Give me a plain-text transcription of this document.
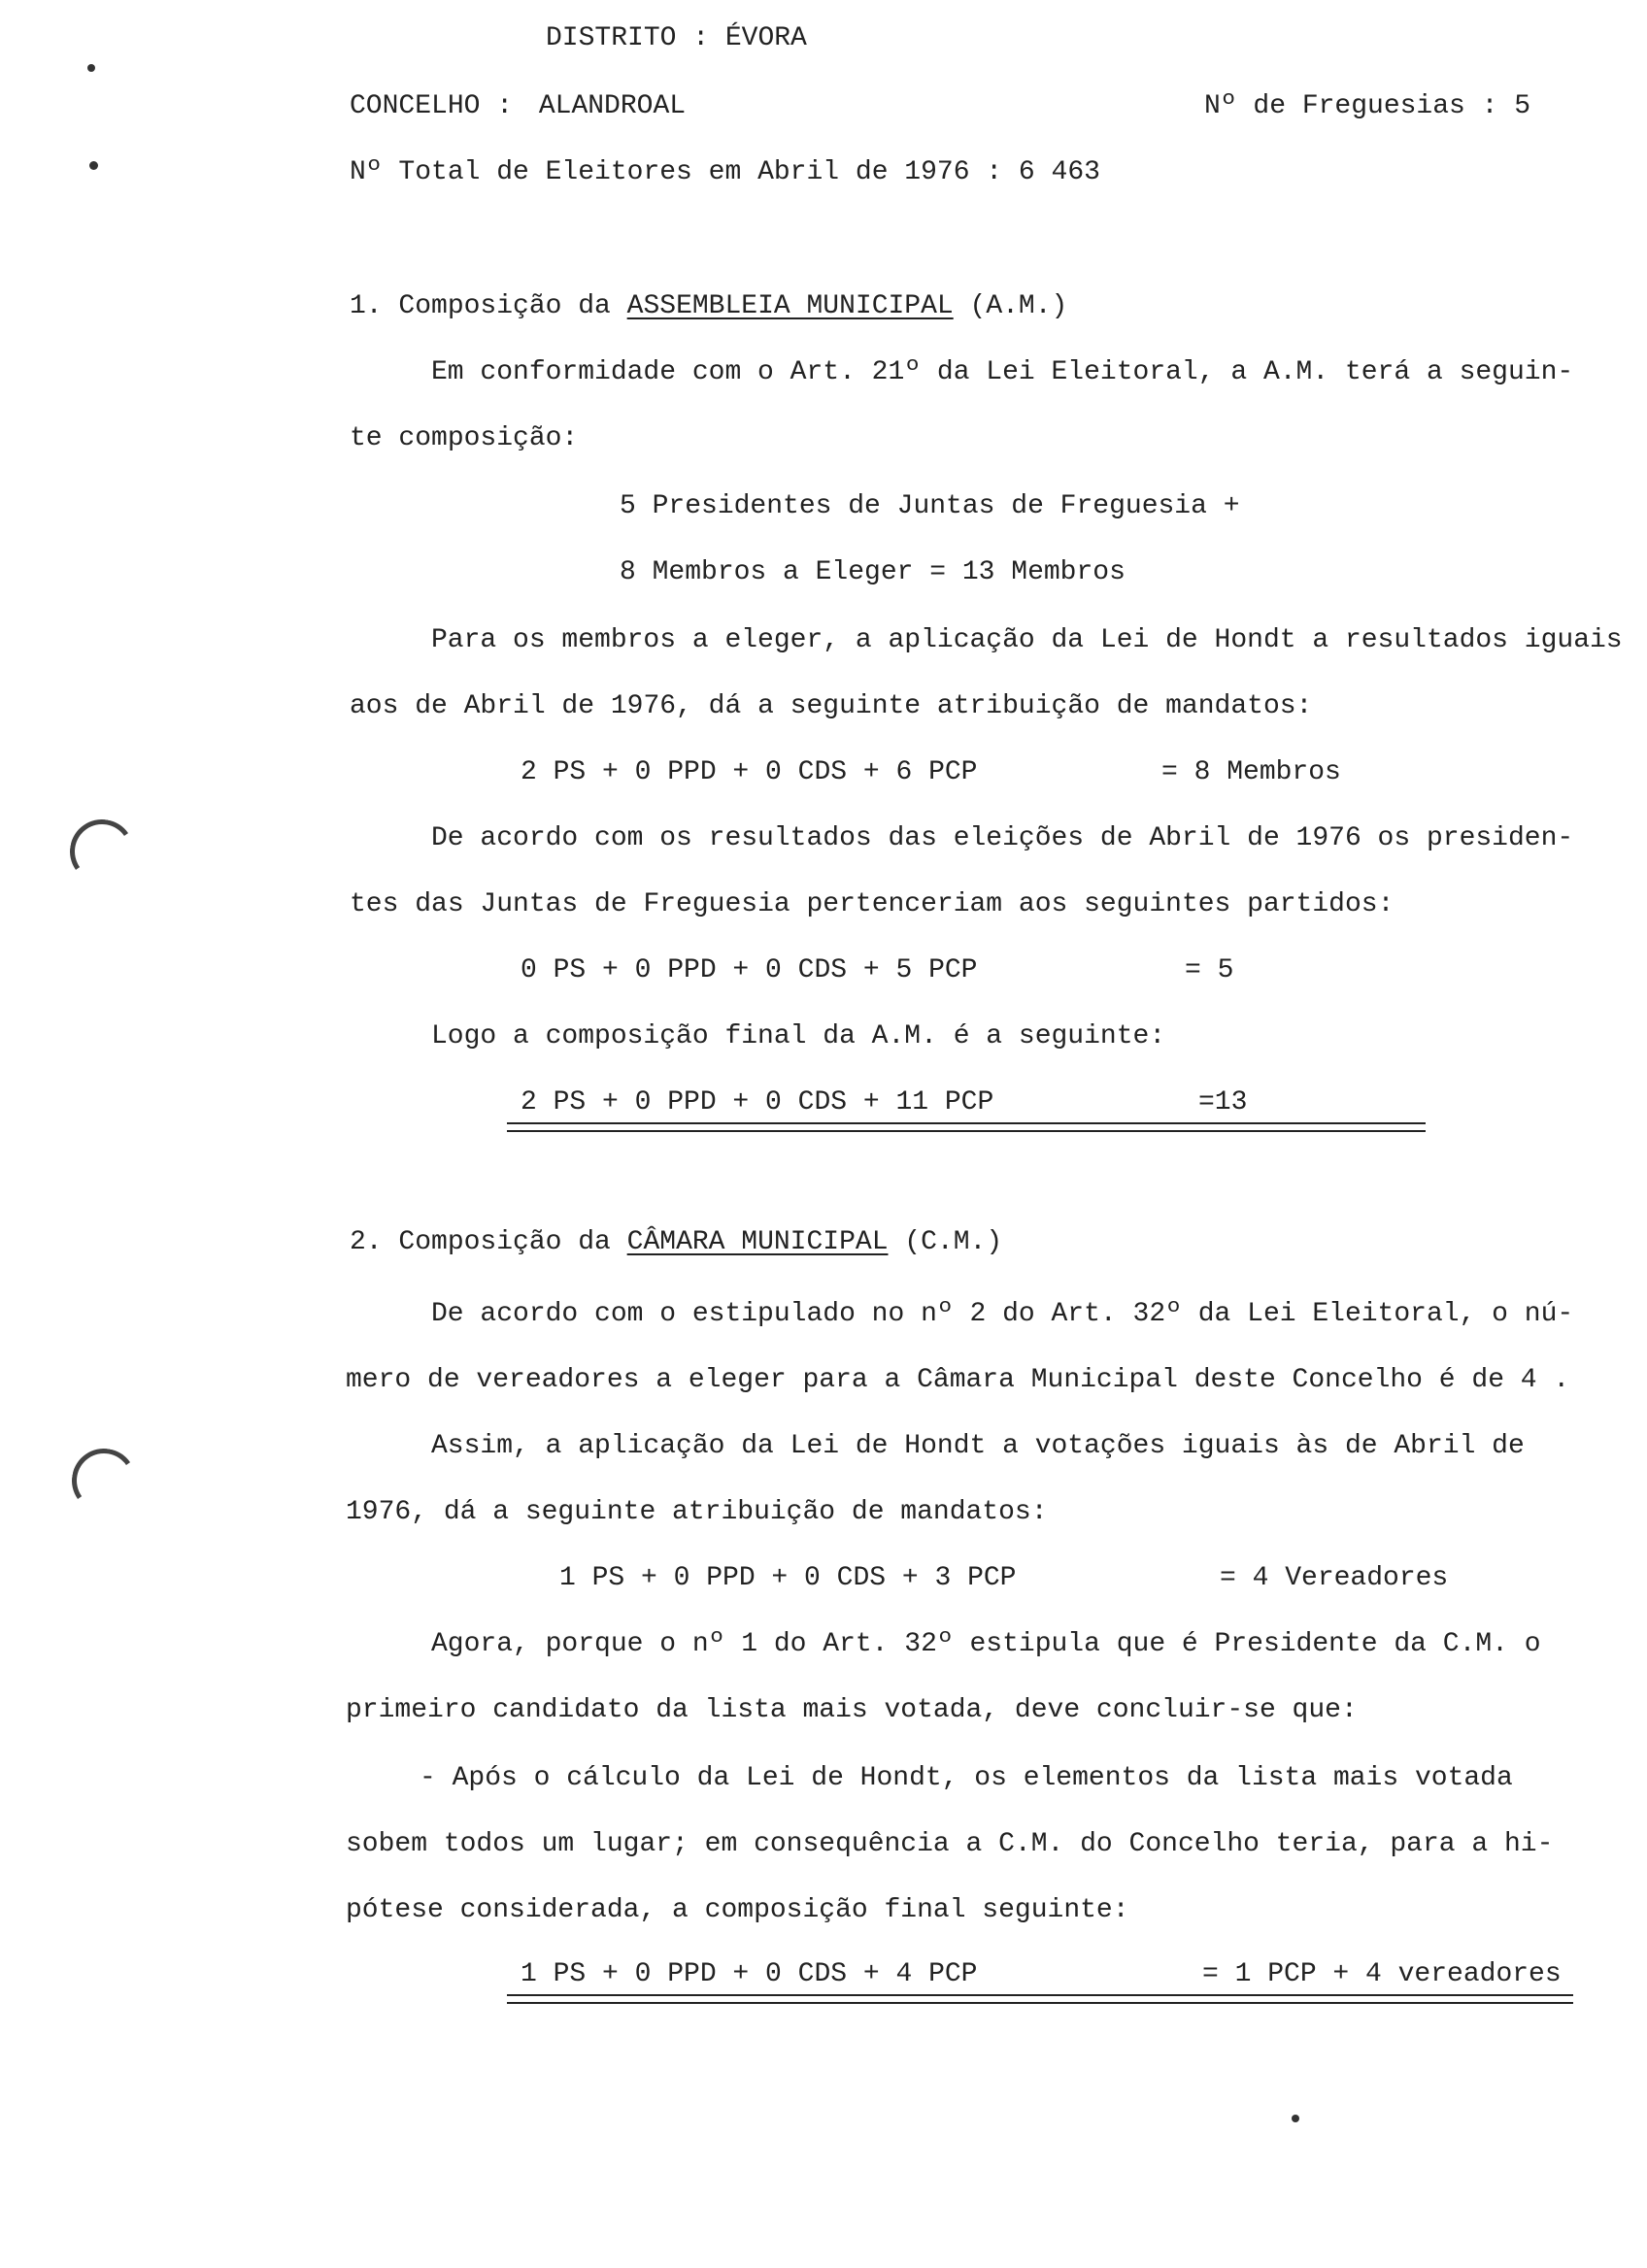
DISTRITO : ÉVORA
CONCELHO : ALANDROAL	Nº de Freguesias : 5
Nº Total de Eleitores em Abril de 1976 : 6 463
1. Composição da ASSEMBLEIA MUNICIPAL (A.M.)
Em conformidade com o Art. 21º da Lei Eleitoral, a A.M. terá a seguin-
te composição:
5 Presidentes de Juntas de Freguesia +
8 Membros a Eleger = 13 Membros
Para os membros a eleger, a aplicação da Lei de Hondt a resultados iguais
aos de Abril de 1976, dá a seguinte atribuição de mandatos:
2 PS + 0 PPD + 0 CDS + 6 PCP	= 8 Membros
De acordo com os resultados das eleições de Abril de 1976 os presiden-
tes das Juntas de Freguesia pertenceriam aos seguintes partidos:
0 PS + 0 PPD + 0 CDS + 5 PCP	= 5
Logo a composição final da A.M. é a seguinte:
2 PS + 0 PPD + 0 CDS + 11 PCP	=13
2. Composição da CÂMARA MUNICIPAL (C.M.)
De acordo com o estipulado no nº 2 do Art. 32º da Lei Eleitoral, o nú-
mero de vereadores a eleger para a Câmara Municipal deste Concelho é de 4 .
Assim, a aplicação da Lei de Hondt a votações iguais às de Abril de
1976, dá a seguinte atribuição de mandatos:
1 PS + 0 PPD + 0 CDS + 3 PCP	= 4 Vereadores
Agora, porque o nº 1 do Art. 32º estipula que é Presidente da C.M. o
primeiro candidato da lista mais votada, deve concluir-se que:
- Após o cálculo da Lei de Hondt, os elementos da lista mais votada
sobem todos um lugar; em consequência a C.M. do Concelho teria, para a hi-
pótese considerada, a composição final seguinte:
1 PS + 0 PPD + 0 CDS + 4 PCP	= 1 PCP + 4 vereadores
